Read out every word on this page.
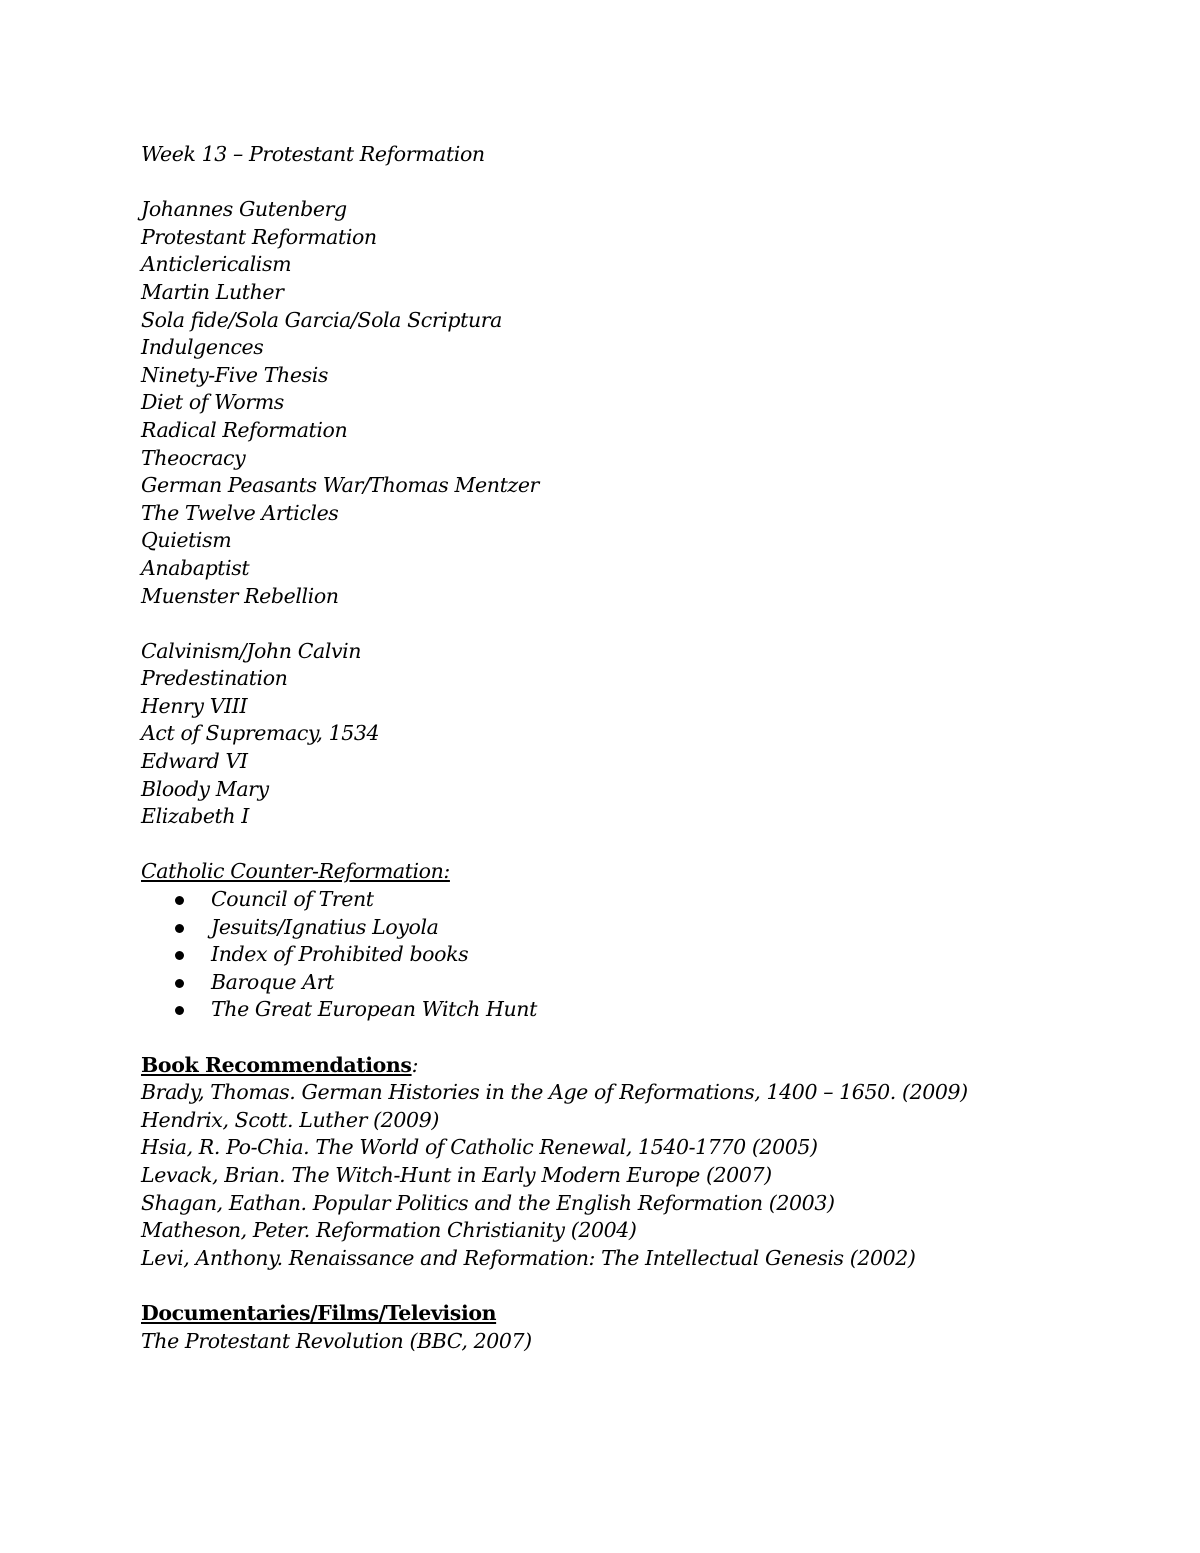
Week 13 – Protestant Reformation
Johannes Gutenberg
Protestant Reformation
Anticlericalism
Martin Luther
Sola fide/Sola Garcia/Sola Scriptura
Indulgences
Ninety-Five Thesis
Diet of Worms
Radical Reformation
Theocracy
German Peasants War/Thomas Mentzer
The Twelve Articles
Quietism
Anabaptist
Muenster Rebellion
Calvinism/John Calvin
Predestination
Henry VIII
Act of Supremacy, 1534
Edward VI
Bloody Mary
Elizabeth I
Catholic Counter-Reformation:
Council of Trent
Jesuits/Ignatius Loyola
Index of Prohibited books
Baroque Art
The Great European Witch Hunt
Book Recommendations:
Brady, Thomas. German Histories in the Age of Reformations, 1400 – 1650. (2009)
Hendrix, Scott. Luther (2009)
Hsia, R. Po-Chia. The World of Catholic Renewal, 1540-1770 (2005)
Levack, Brian. The Witch-Hunt in Early Modern Europe (2007)
Shagan, Eathan. Popular Politics and the English Reformation (2003)
Matheson, Peter. Reformation Christianity (2004)
Levi, Anthony. Renaissance and Reformation: The Intellectual Genesis (2002)
Documentaries/Films/Television
The Protestant Revolution (BBC, 2007)
